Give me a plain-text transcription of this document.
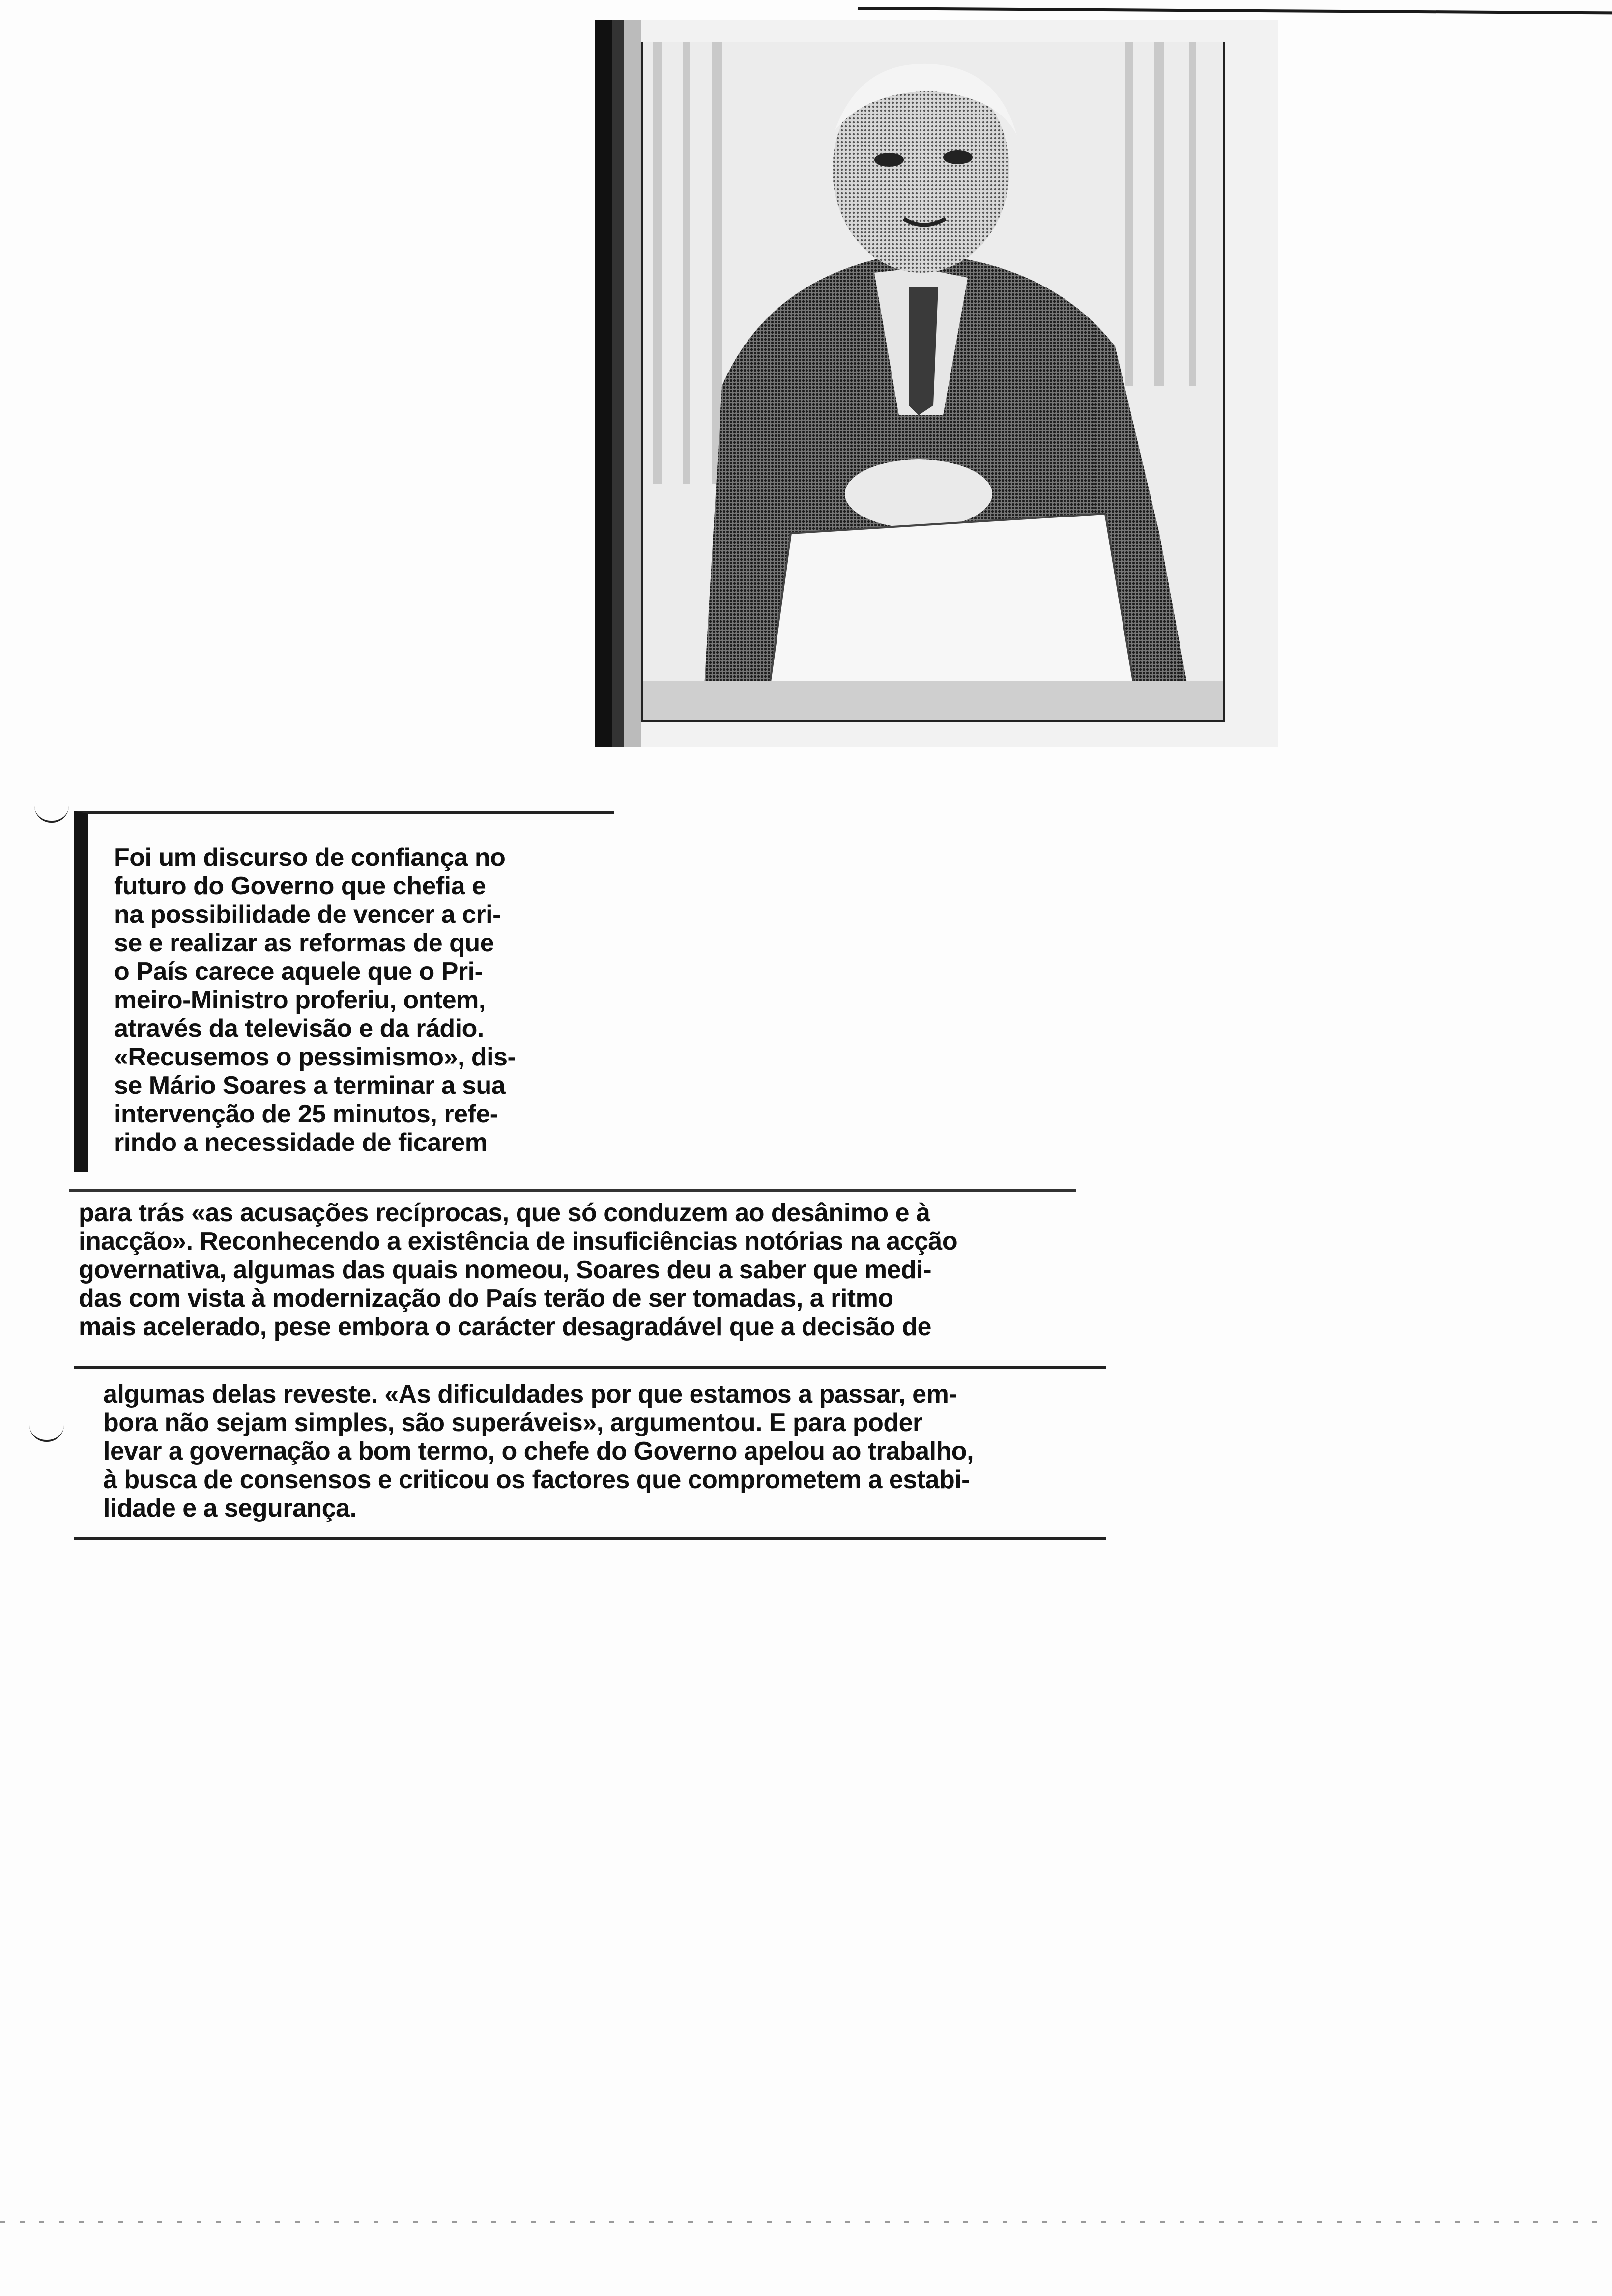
Foi um discurso de confiança no
futuro do Governo que chefia e
na possibilidade de vencer a cri-
se e realizar as reformas de que
o País carece aquele que o Pri-
meiro-Ministro proferiu, ontem,
através da televisão e da rádio.
«Recusemos o pessimismo», dis-
se Mário Soares a terminar a sua
intervenção de 25 minutos, refe-
rindo a necessidade de ficarem
para trás «as acusações recíprocas, que só conduzem ao desânimo e à
inacção». Reconhecendo a existência de insuficiências notórias na acção
governativa, algumas das quais nomeou, Soares deu a saber que medi-
das com vista à modernização do País terão de ser tomadas, a ritmo
mais acelerado, pese embora o carácter desagradável que a decisão de
algumas delas reveste. «As dificuldades por que estamos a passar, em-
bora não sejam simples, são superáveis», argumentou. E para poder
levar a governação a bom termo, o chefe do Governo apelou ao trabalho,
à busca de consensos e criticou os factores que comprometem a estabi-
lidade e a segurança.
